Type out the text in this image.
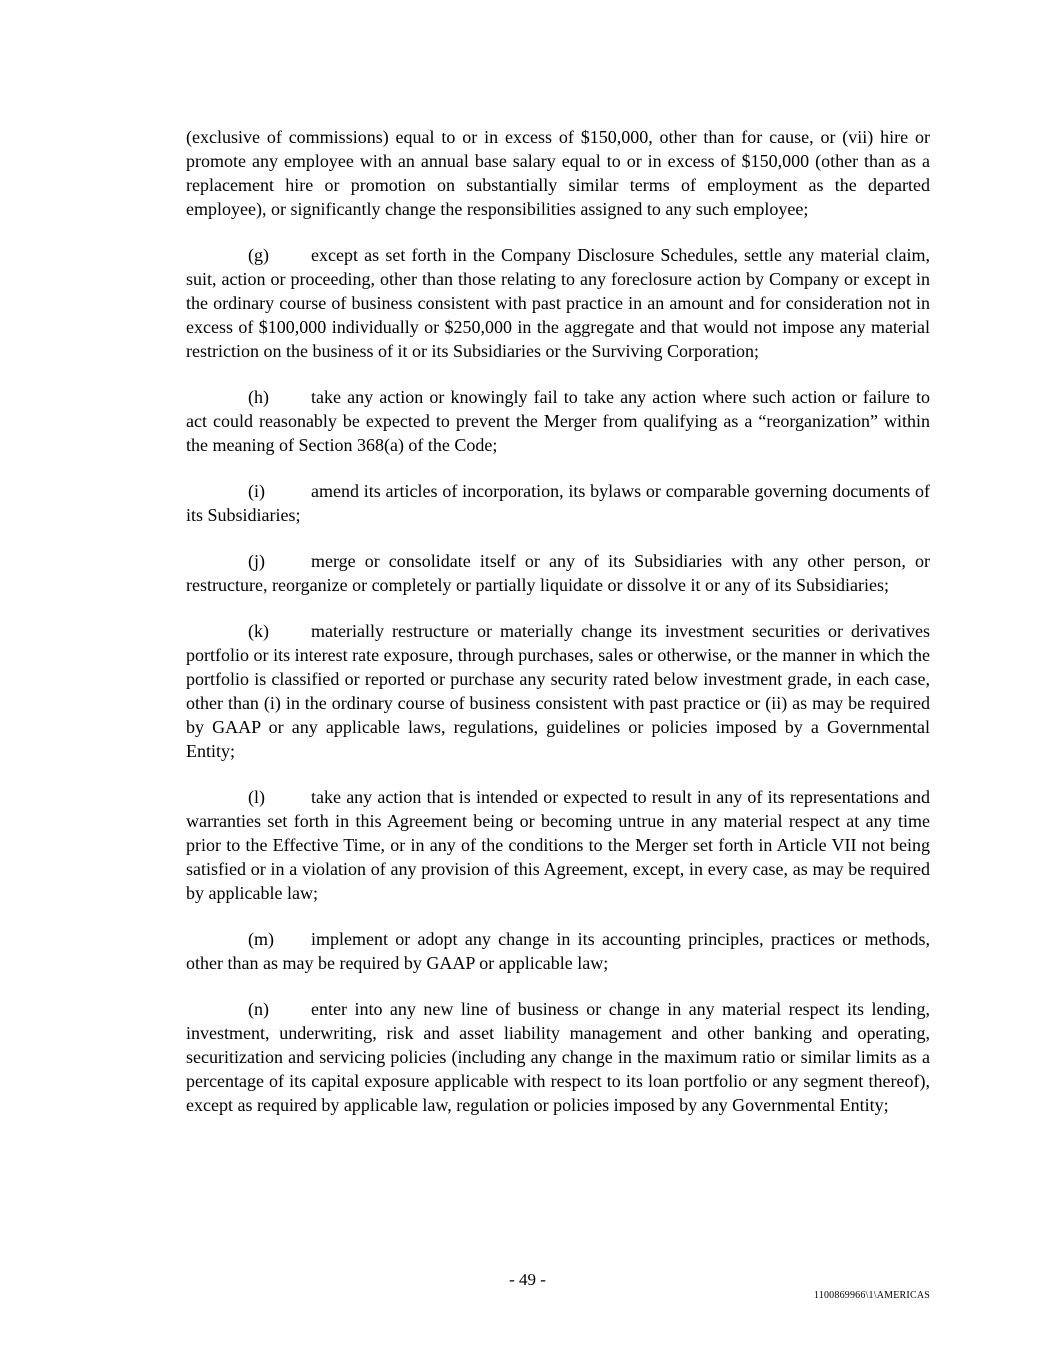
(exclusive of commissions) equal to or in excess of $150,000, other than for cause, or (vii) hire or promote any employee with an annual base salary equal to or in excess of $150,000 (other than as a replacement hire or promotion on substantially similar terms of employment as the departed employee), or significantly change the responsibilities assigned to any such employee;

(g) except as set forth in the Company Disclosure Schedules, settle any material claim, suit, action or proceeding, other than those relating to any foreclosure action by Company or except in the ordinary course of business consistent with past practice in an amount and for consideration not in excess of $100,000 individually or $250,000 in the aggregate and that would not impose any material restriction on the business of it or its Subsidiaries or the Surviving Corporation;

(h) take any action or knowingly fail to take any action where such action or failure to act could reasonably be expected to prevent the Merger from qualifying as a “reorganization” within the meaning of Section 368(a) of the Code;

(i)	amend its articles of incorporation, its bylaws or comparable governing documents of its Subsidiaries;

(j)	merge or consolidate itself or any of its Subsidiaries with any other person, or restructure, reorganize or completely or partially liquidate or dissolve it or any of its Subsidiaries;

(k) materially restructure or materially change its investment securities or derivatives portfolio or its interest rate exposure, through purchases, sales or otherwise, or the manner in which the portfolio is classified or reported or purchase any security rated below investment grade, in each case, other than (i) in the ordinary course of business consistent with past practice or (ii) as may be required by GAAP or any applicable laws, regulations, guidelines or policies imposed by a Governmental Entity;

(l)	take any action that is intended or expected to result in any of its representations and warranties set forth in this Agreement being or becoming untrue in any material respect at any time prior to the Effective Time, or in any of the conditions to the Merger set forth in Article VII not being satisfied or in a violation of any provision of this Agreement, except, in every case, as may be required by applicable law;

(m) implement or adopt any change in its accounting principles, practices or methods, other than as may be required by GAAP or applicable law;

(n) enter into any new line of business or change in any material respect its lending, investment, underwriting, risk and asset liability management and other banking and operating, securitization and servicing policies (including any change in the maximum ratio or similar limits as a percentage of its capital exposure applicable with respect to its loan portfolio or any segment thereof), except as required by applicable law, regulation or policies imposed by any Governmental Entity;

- 49 -
1100869966\1\AMERICAS
